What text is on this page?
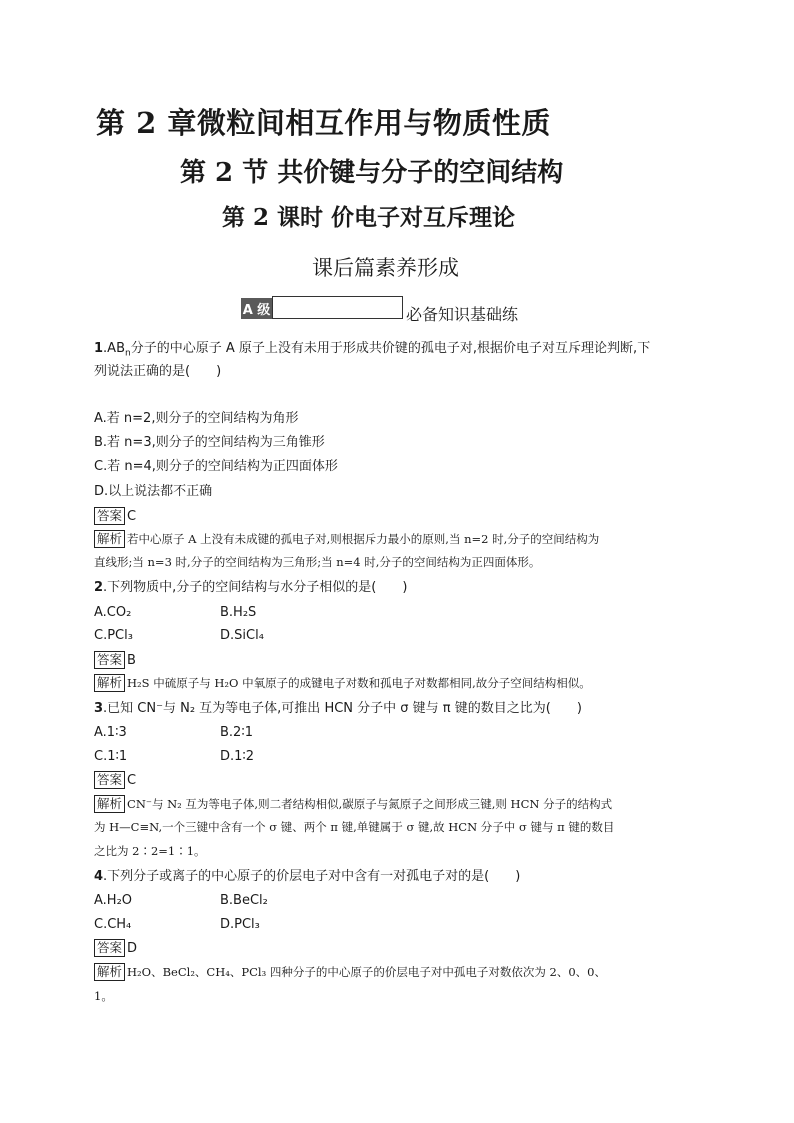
第 2 章微粒间相互作用与物质性质
第 2 节 共价键与分子的空间结构
第 2 课时 价电子对互斥理论
课后篇素养形成
A 级	必备知识基础练
$1.AB_n$分子的中心原子 A 原子上没有未用于形成共价键的孤电子对,根据价电子对互斥理论判断,下
列说法正确的是(　　)
A.若 n=2,则分子的空间结构为角形
B.若 n=3,则分子的空间结构为三角锥形
C.若 n=4,则分子的空间结构为正四面体形
D.以上说法都不正确
答案 C
解析 若中心原子 A 上没有未成键的孤电子对,则根据斥力最小的原则,当 n=2 时,分子的空间结构为
直线形;当 n=3 时,分子的空间结构为三角形;当 n=4 时,分子的空间结构为正四面体形。
2.下列物质中,分子的空间结构与水分子相似的是(　　)
A.CO₂	B.H₂S
C.PCl₃	D.SiCl₄
答案 B
解析 H₂S 中硫原子与 H₂O 中氧原子的成键电子对数和孤电子对数都相同,故分子空间结构相似。
3.已知 CN⁻与 N₂ 互为等电子体,可推出 HCN 分子中 σ 键与 π 键的数目之比为(　　)
A.1∶3	B.2∶1
C.1∶1	D.1∶2
答案 C
解析 CN⁻与 N₂ 互为等电子体,则二者结构相似,碳原子与氮原子之间形成三键,则 HCN 分子的结构式
为 H—C≡N,一个三键中含有一个 σ 键、两个 π 键,单键属于 σ 键,故 HCN 分子中 σ 键与 π 键的数目
之比为 2∶2=1∶1。
4.下列分子或离子的中心原子的价层电子对中含有一对孤电子对的是(　　)
A.H₂O	B.BeCl₂
C.CH₄	D.PCl₃
答案 D
解析 H₂O、BeCl₂、CH₄、PCl₃ 四种分子的中心原子的价层电子对中孤电子对数依次为 2、0、0、
1。
